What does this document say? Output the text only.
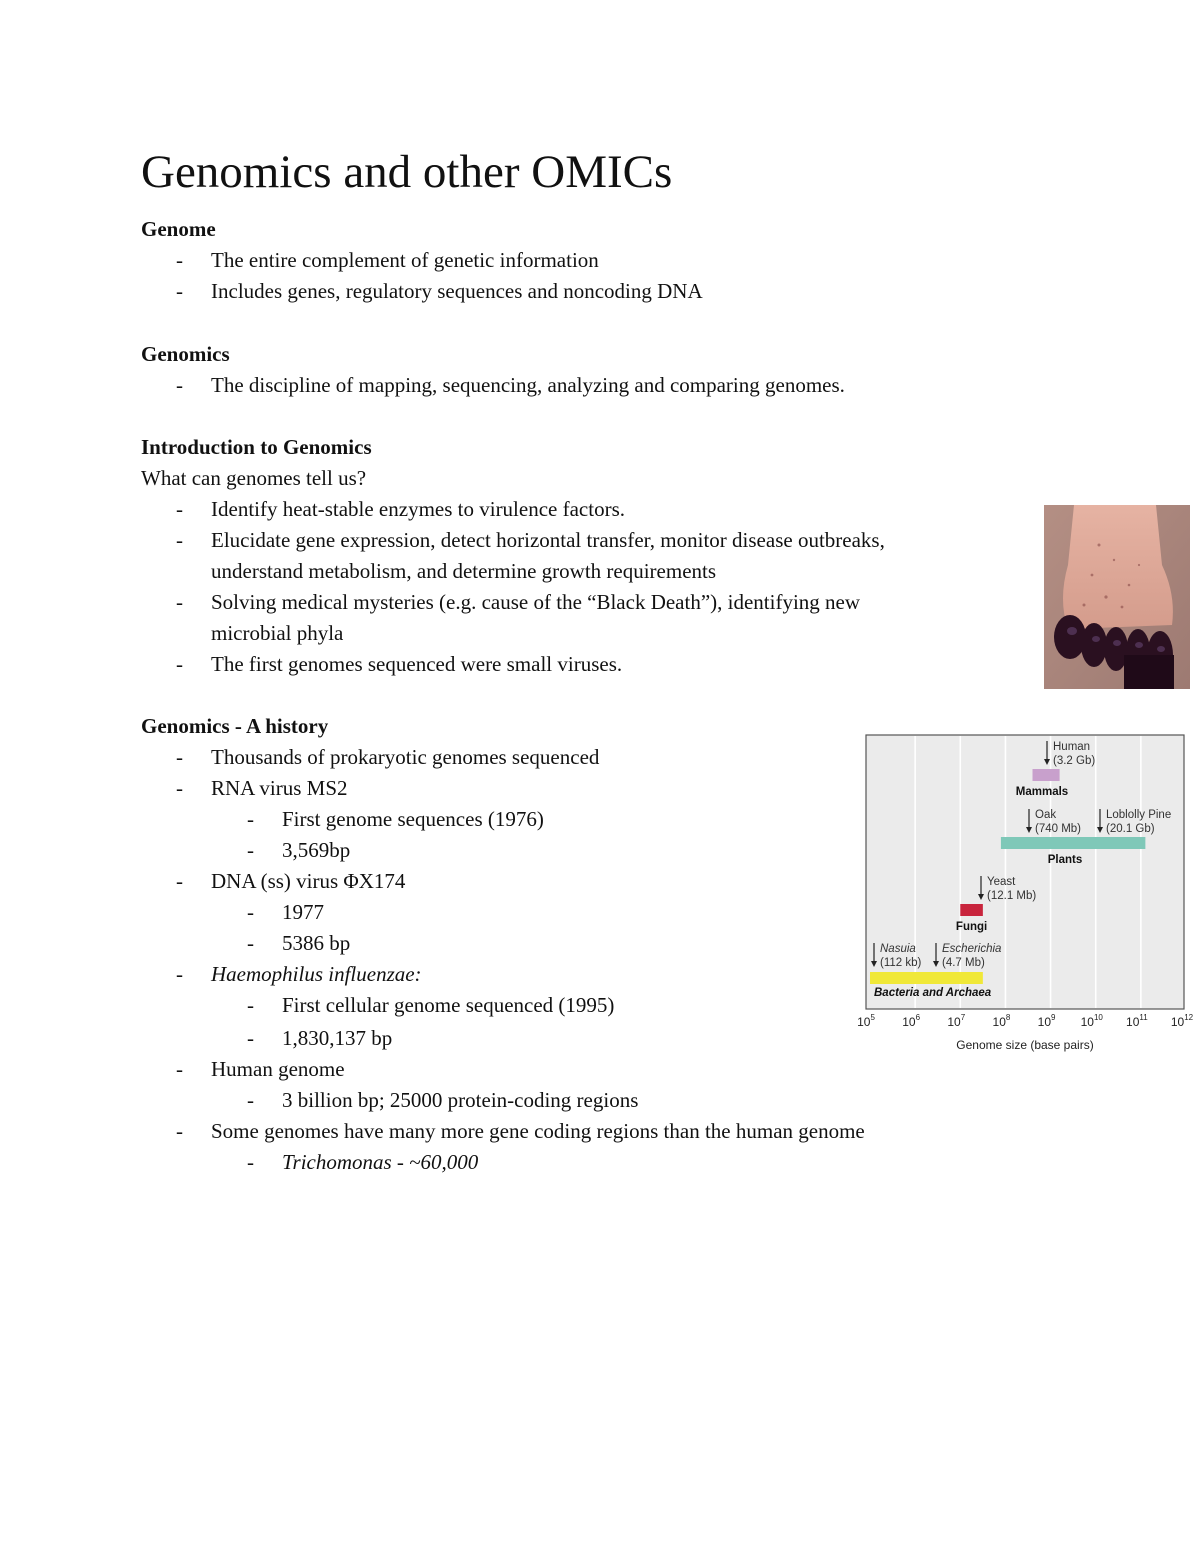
Genomics and other OMICs
Genome
- The entire complement of genetic information
- Includes genes, regulatory sequences and noncoding DNA
Genomics
- The discipline of mapping, sequencing, analyzing and comparing genomes.
Introduction to Genomics
What can genomes tell us?
- Identify heat-stable enzymes to virulence factors.
- Elucidate gene expression, detect horizontal transfer, monitor disease outbreaks,
understand metabolism, and determine growth requirements
- Solving medical mysteries (e.g. cause of the “Black Death”), identifying new
microbial phyla
- The first genomes sequenced were small viruses.
Genomics - A history
- Thousands of prokaryotic genomes sequenced
- RNA virus MS2
- First genome sequences (1976)
- 3,569bp
- DNA (ss) virus ΦX174
- 1977
- 5386 bp
- Haemophilus influenzae:
- First cellular genome sequenced (1995)
- 1,830,137 bp
- Human genome
- 3 billion bp; 25000 protein-coding regions
- Some genomes have many more gene coding regions than the human genome
- Trichomonas - ~60,000
Mammals
Plants
Fungi
Bacteria and Archaea
Human
(3.2 Gb)
Oak
(740 Mb)
Loblolly Pine
(20.1 Gb)
Yeast
(12.1 Mb)
Nasuia
(112 kb)
Escherichia
(4.7 Mb)
$10^5$ $10^6$ $10^7$ $10^8$ $10^9$ $10^{10}$ $10^{11}$ $10^{12}$
Genome size (base pairs)
